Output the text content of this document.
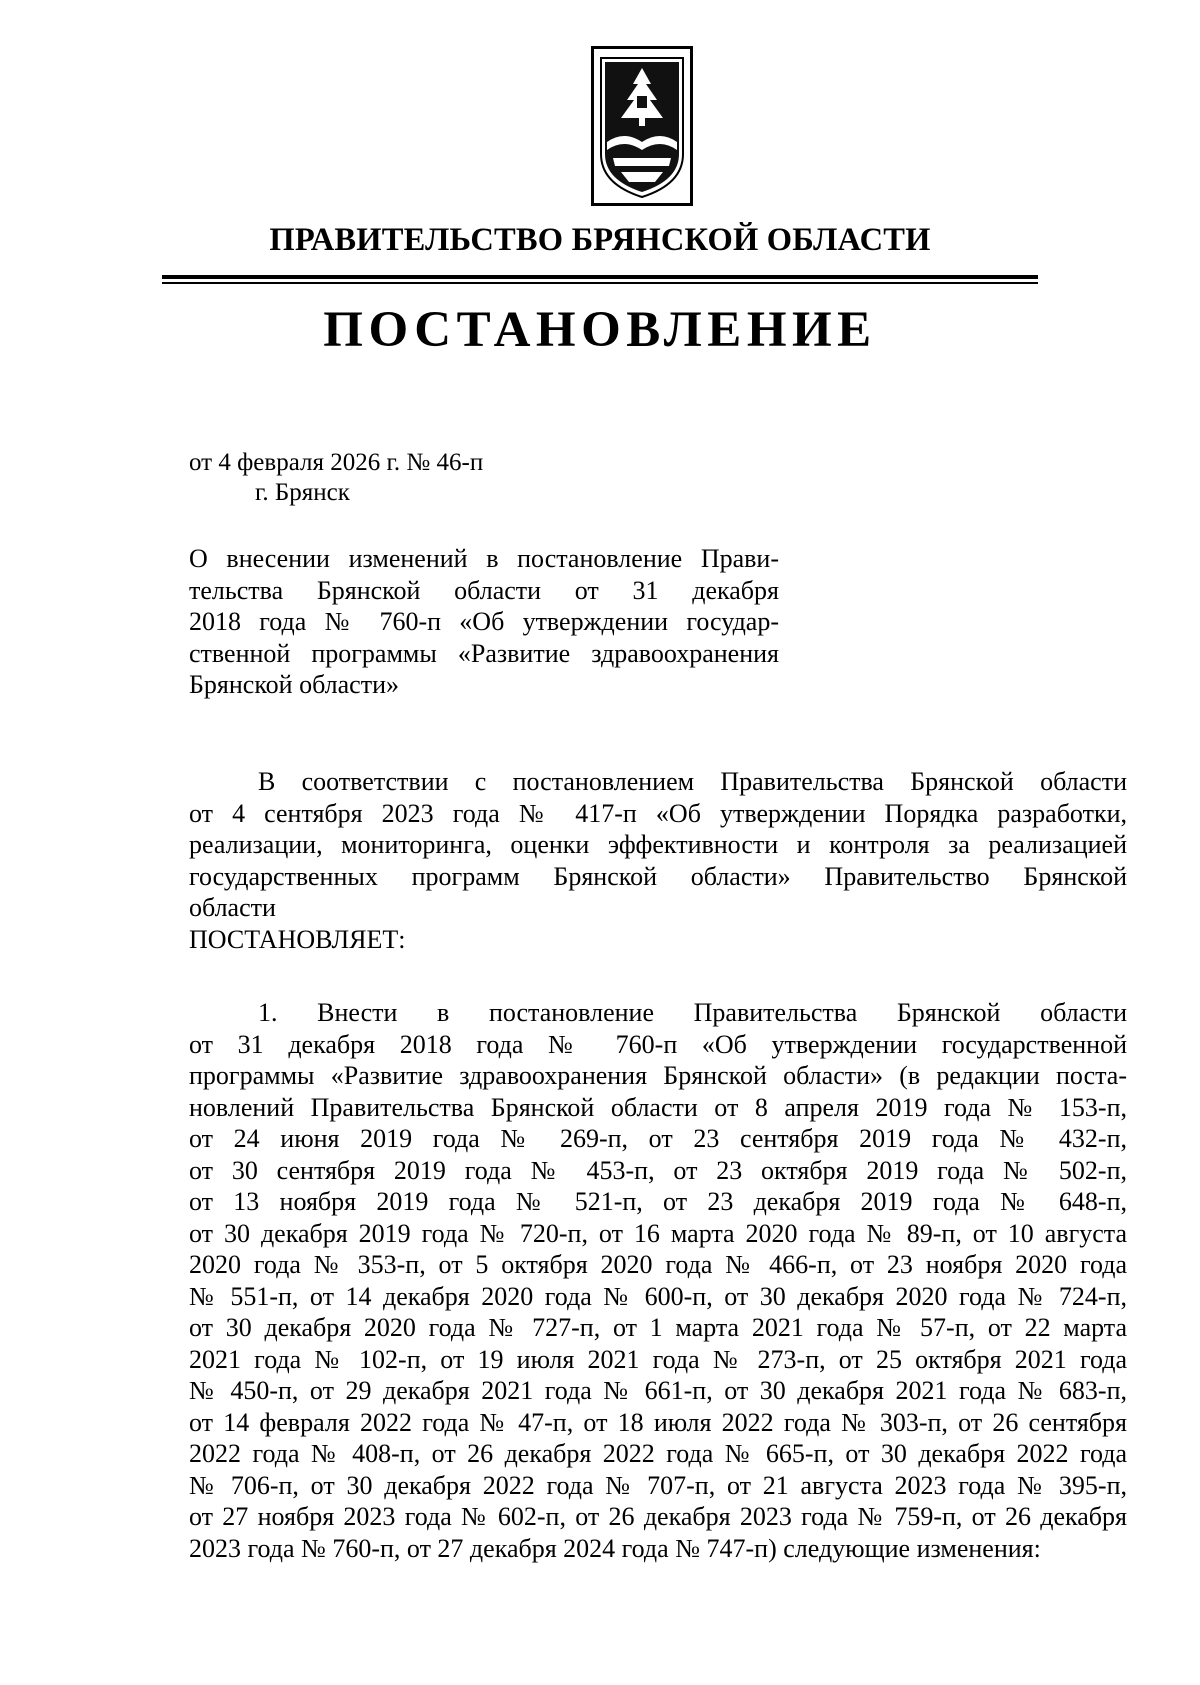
ПРАВИТЕЛЬСТВО БРЯНСКОЙ ОБЛАСТИ
ПОСТАНОВЛЕНИЕ
от 4 февраля 2026 г. № 46-п
г. Брянск
О внесении изменений в постановление Прави-
тельства Брянской области от 31 декабря
2018 года № 760-п «Об утверждении государ-
ственной программы «Развитие здравоохранения
Брянской области»
В соответствии с постановлением Правительства Брянской области
от 4 сентября 2023 года № 417-п «Об утверждении Порядка разработки,
реализации, мониторинга, оценки эффективности и контроля за реализацией
государственных программ Брянской области» Правительство Брянской
области
ПОСТАНОВЛЯЕТ:
1. Внести в постановление Правительства Брянской области
от 31 декабря 2018 года № 760-п «Об утверждении государственной
программы «Развитие здравоохранения Брянской области» (в редакции поста-
новлений Правительства Брянской области от 8 апреля 2019 года № 153-п,
от 24 июня 2019 года № 269-п, от 23 сентября 2019 года № 432-п,
от 30 сентября 2019 года № 453-п, от 23 октября 2019 года № 502-п,
от 13 ноября 2019 года № 521-п, от 23 декабря 2019 года № 648-п,
от 30 декабря 2019 года № 720-п, от 16 марта 2020 года № 89-п, от 10 августа
2020 года № 353-п, от 5 октября 2020 года № 466-п, от 23 ноября 2020 года
№ 551-п, от 14 декабря 2020 года № 600-п, от 30 декабря 2020 года № 724-п,
от 30 декабря 2020 года № 727-п, от 1 марта 2021 года № 57-п, от 22 марта
2021 года № 102-п, от 19 июля 2021 года № 273-п, от 25 октября 2021 года
№ 450-п, от 29 декабря 2021 года № 661-п, от 30 декабря 2021 года № 683-п,
от 14 февраля 2022 года № 47-п, от 18 июля 2022 года № 303-п, от 26 сентября
2022 года № 408-п, от 26 декабря 2022 года № 665-п, от 30 декабря 2022 года
№ 706-п, от 30 декабря 2022 года № 707-п, от 21 августа 2023 года № 395-п,
от 27 ноября 2023 года № 602-п, от 26 декабря 2023 года № 759-п, от 26 декабря
2023 года № 760-п, от 27 декабря 2024 года № 747-п) следующие изменения:
